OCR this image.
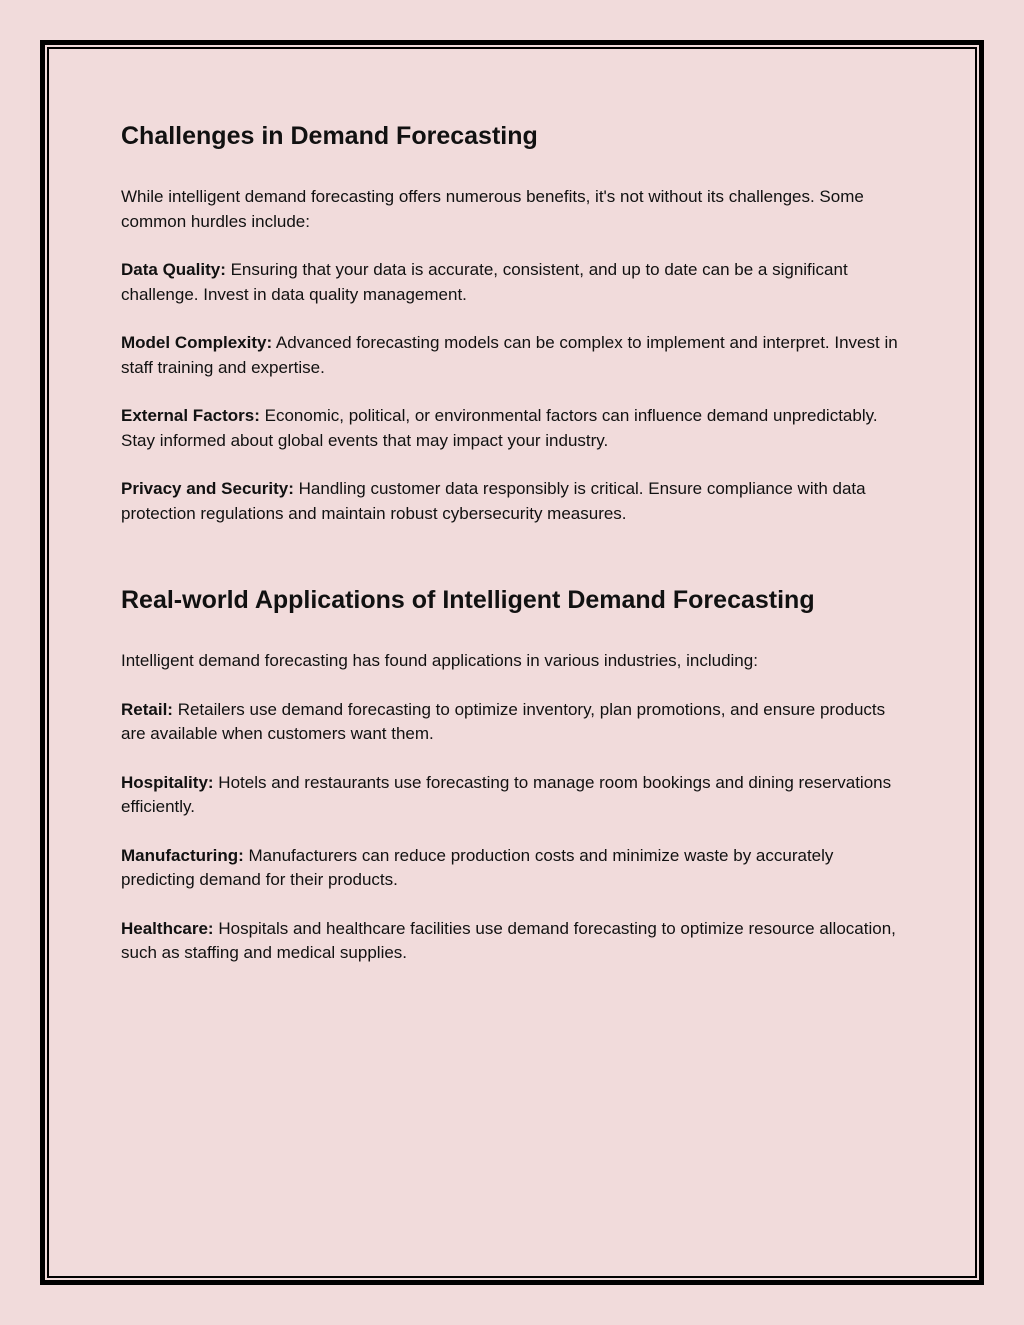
Challenges in Demand Forecasting

While intelligent demand forecasting offers numerous benefits, it's not without its challenges. Some common hurdles include:

Data Quality: Ensuring that your data is accurate, consistent, and up to date can be a significant challenge. Invest in data quality management.

Model Complexity: Advanced forecasting models can be complex to implement and interpret. Invest in staff training and expertise.

External Factors: Economic, political, or environmental factors can influence demand unpredictably. Stay informed about global events that may impact your industry.

Privacy and Security: Handling customer data responsibly is critical. Ensure compliance with data protection regulations and maintain robust cybersecurity measures.

Real-world Applications of Intelligent Demand Forecasting

Intelligent demand forecasting has found applications in various industries, including:

Retail: Retailers use demand forecasting to optimize inventory, plan promotions, and ensure products are available when customers want them.

Hospitality: Hotels and restaurants use forecasting to manage room bookings and dining reservations efficiently.

Manufacturing: Manufacturers can reduce production costs and minimize waste by accurately predicting demand for their products.

Healthcare: Hospitals and healthcare facilities use demand forecasting to optimize resource allocation, such as staffing and medical supplies.
